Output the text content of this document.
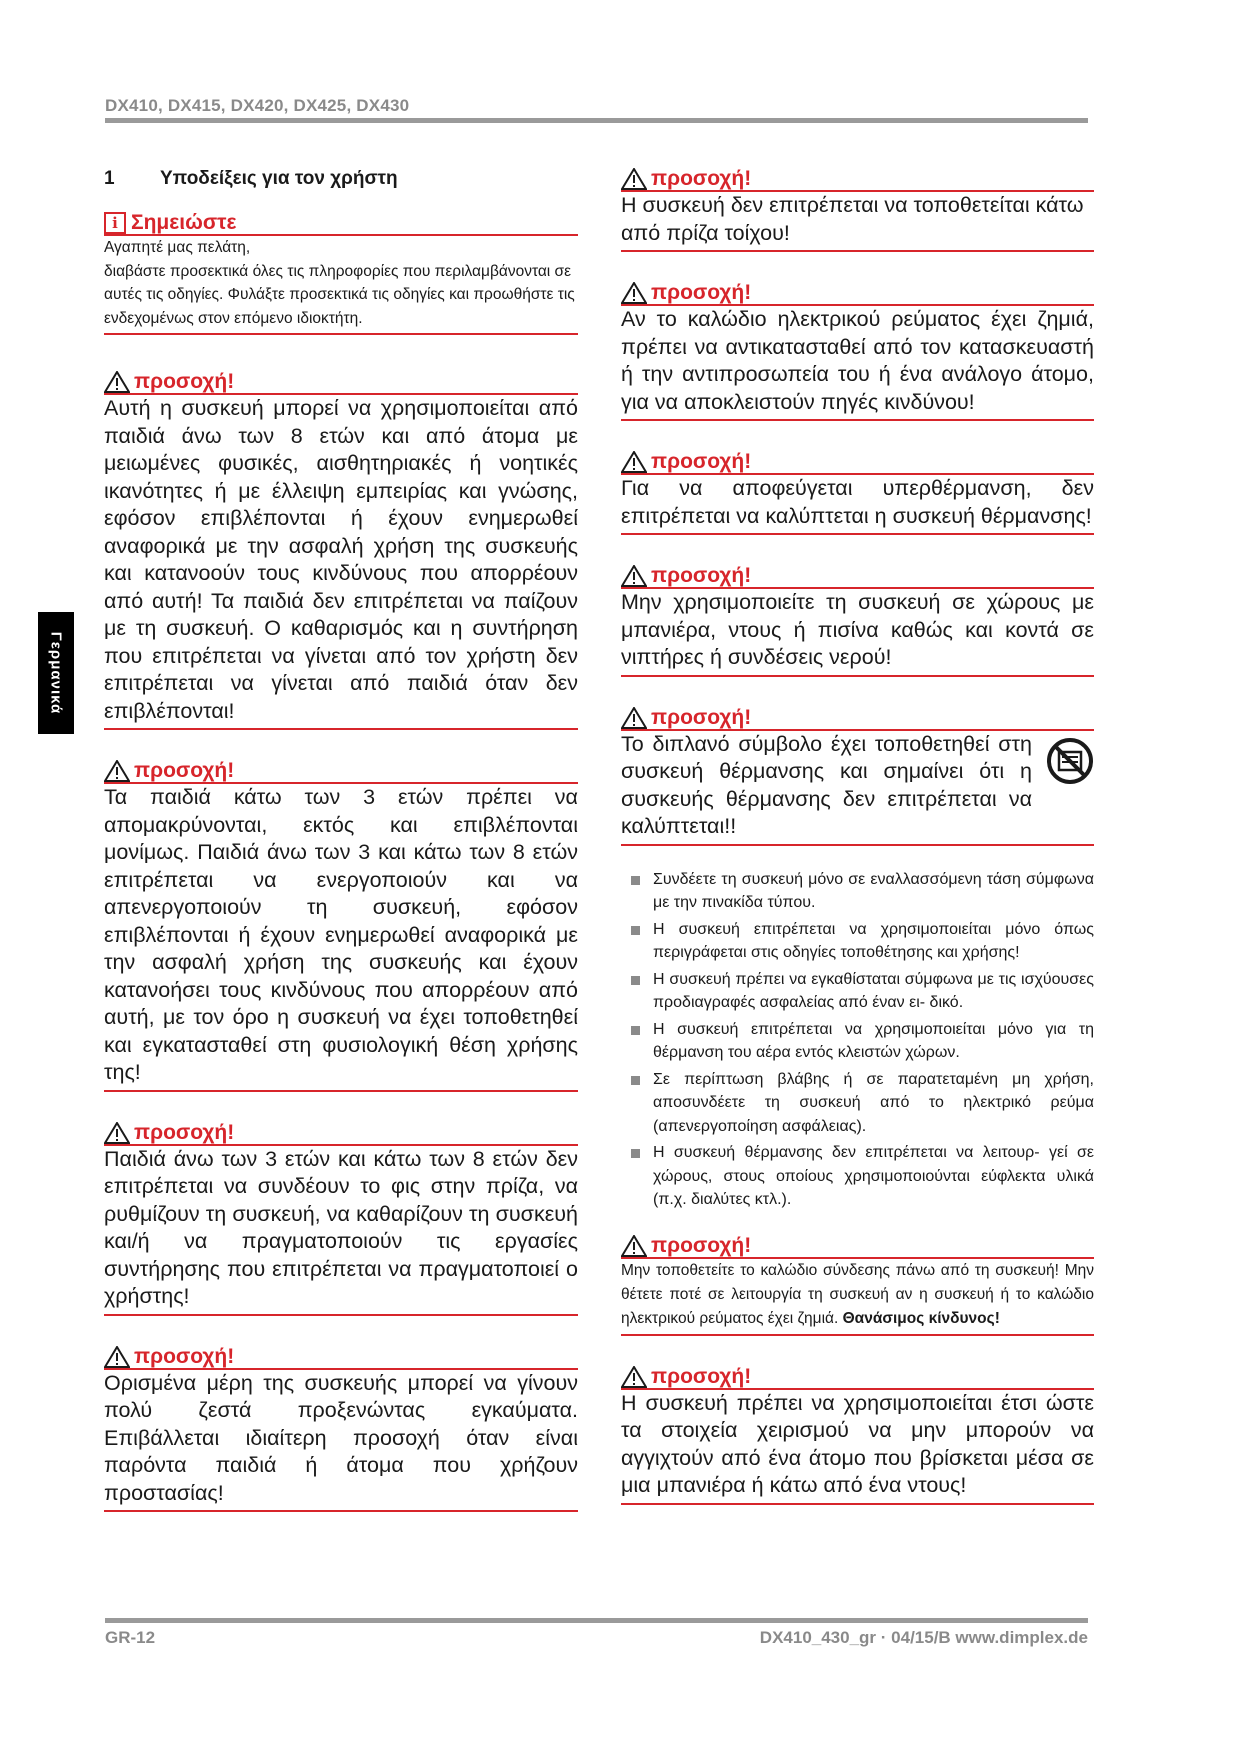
DX410, DX415, DX420, DX425, DX430
Γερμανικά
1	Υποδείξεις για τον χρήστη
i Σημειώστε
Αγαπητέ μας πελάτη,
διαβάστε προσεκτικά όλες τις πληροφορίες που περιλαμβάνονται σε αυτές τις οδηγίες. Φυλάξτε προσεκτικά τις οδηγίες και προωθήστε τις ενδεχομένως στον επόμενο ιδιοκτήτη.
προσοχή!
Αυτή η συσκευή μπορεί να χρησιμοποιείται από παιδιά άνω των 8 ετών και από άτομα με μειωμένες φυσικές, αισθητηριακές ή νοητικές ικανότητες ή με έλλειψη εμπειρίας και γνώσης, εφόσον επιβλέπονται ή έχουν ενημερωθεί αναφορικά με την ασφαλή χρήση της συσκευής και κατανοούν τους κινδύνους που απορρέουν από αυτή! Τα παιδιά δεν επιτρέπεται να παίζουν με τη συσκευή. Ο καθαρισμός και η συντήρηση που επιτρέπεται να γίνεται από τον χρήστη δεν επιτρέπεται να γίνεται από παιδιά όταν δεν επιβλέπονται!
προσοχή!
Τα παιδιά κάτω των 3 ετών πρέπει να απομακρύνονται, εκτός και επιβλέπονται μονίμως. Παιδιά άνω των 3 και κάτω των 8 ετών επιτρέπεται να ενεργοποιούν και να απενεργοποιούν τη συσκευή, εφόσον επιβλέπονται ή έχουν ενημερωθεί αναφορικά με την ασφαλή χρήση της συσκευής και έχουν κατανοήσει τους κινδύνους που απορρέουν από αυτή, με τον όρο η συσκευή να έχει τοποθετηθεί και εγκατασταθεί στη φυσιολογική θέση χρήσης της!
προσοχή!
Παιδιά άνω των 3 ετών και κάτω των 8 ετών δεν επιτρέπεται να συνδέουν το φις στην πρίζα, να ρυθμίζουν τη συσκευή, να καθαρίζουν τη συσκευή και/ή να πραγματοποιούν τις εργασίες συντήρησης που επιτρέπεται να πραγματοποιεί ο χρήστης!
προσοχή!
Ορισμένα μέρη της συσκευής μπορεί να γίνουν πολύ ζεστά προξενώντας εγκαύματα. Επιβάλλεται ιδιαίτερη προσοχή όταν είναι παρόντα παιδιά ή άτομα που χρήζουν προστασίας!
προσοχή!
Η συσκευή δεν επιτρέπεται να τοποθετείται κάτω από πρίζα τοίχου!
προσοχή!
Αν το καλώδιο ηλεκτρικού ρεύματος έχει ζημιά, πρέπει να αντικατασταθεί από τον κατασκευαστή ή την αντιπροσωπεία του ή ένα ανάλογο άτομο, για να αποκλειστούν πηγές κινδύνου!
προσοχή!
Για να αποφεύγεται υπερθέρμανση, δεν επιτρέπεται να καλύπτεται η συσκευή θέρμανσης!
προσοχή!
Μην χρησιμοποιείτε τη συσκευή σε χώρους με μπανιέρα, ντους ή πισίνα καθώς και κοντά σε νιπτήρες ή συνδέσεις νερού!
προσοχή!
Το διπλανό σύμβολο έχει τοποθετηθεί στη συσκευή θέρμανσης και σημαίνει ότι η συσκευής θέρμανσης δεν επιτρέπεται να καλύπτεται!!
Συνδέετε τη συσκευή μόνο σε εναλλασσόμενη τάση σύμφωνα με την πινακίδα τύπου.
Η συσκευή επιτρέπεται να χρησιμοποιείται μόνο όπως περιγράφεται στις οδηγίες τοποθέτησης και χρήσης!
Η συσκευή πρέπει να εγκαθίσταται σύμφωνα με τις ισχύουσες προδιαγραφές ασφαλείας από έναν ει- δικό.
Η συσκευή επιτρέπεται να χρησιμοποιείται μόνο για τη θέρμανση του αέρα εντός κλειστών χώρων.
Σε περίπτωση βλάβης ή σε παρατεταμένη μη χρήση, αποσυνδέετε τη συσκευή από το ηλεκτρικό ρεύμα (απενεργοποίηση ασφάλειας).
Η συσκευή θέρμανσης δεν επιτρέπεται να λειτουρ- γεί σε χώρους, στους οποίους χρησιμοποιούνται εύφλεκτα υλικά (π.χ. διαλύτες κτλ.).
προσοχή!
Μην τοποθετείτε το καλώδιο σύνδεσης πάνω από τη συσκευή! Μην θέτετε ποτέ σε λειτουργία τη συσκευή αν η συσκευή ή το καλώδιο ηλεκτρικού ρεύματος έχει ζημιά. Θανάσιμος κίνδυνος!
προσοχή!
Η συσκευή πρέπει να χρησιμοποιείται έτσι ώστε τα στοιχεία χειρισμού να μην μπορούν να αγγιχτούν από ένα άτομο που βρίσκεται μέσα σε μια μπανιέρα ή κάτω από ένα ντους!
GR-12	DX410_430_gr · 04/15/B www.dimplex.de
